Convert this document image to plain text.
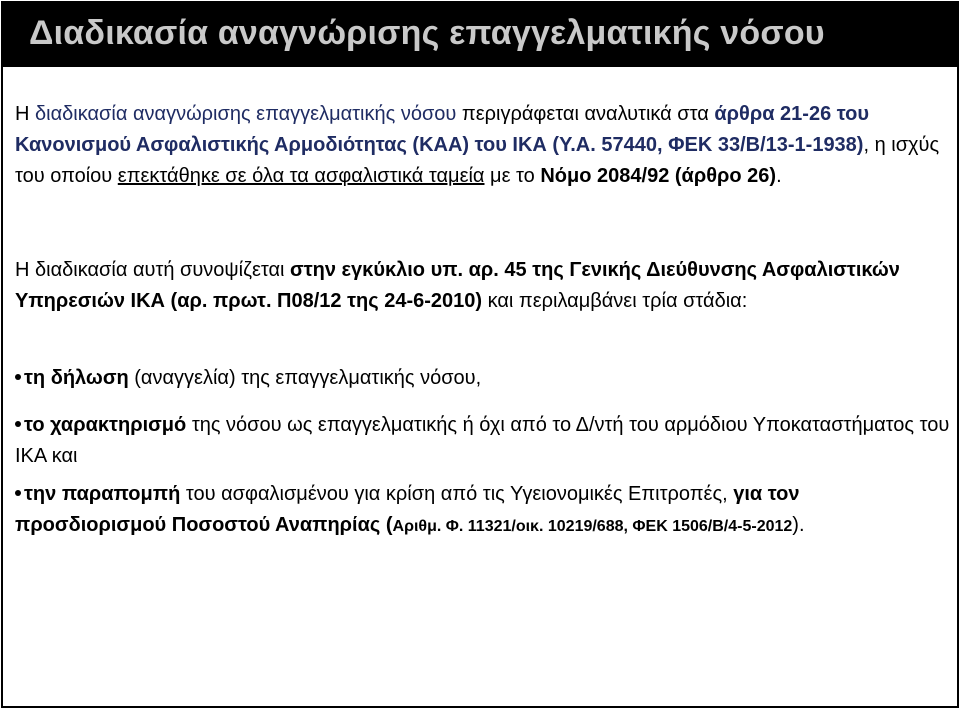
Διαδικασία αναγνώρισης επαγγελματικής νόσου

Η διαδικασία αναγνώρισης επαγγελματικής νόσου περιγράφεται αναλυτικά στα άρθρα 21-26 του Κανονισμού Ασφαλιστικής Αρμοδιότητας (ΚΑΑ) του ΙΚΑ (Υ.Α. 57440, ΦΕΚ 33/Β/13-1-1938), η ισχύς του οποίου επεκτάθηκε σε όλα τα ασφαλιστικά ταμεία με το Νόμο 2084/92 (άρθρο 26).

Η διαδικασία αυτή συνοψίζεται στην εγκύκλιο υπ. αρ. 45 της Γενικής Διεύθυνσης Ασφαλιστικών Υπηρεσιών ΙΚΑ (αρ. πρωτ. Π08/12 της 24-6-2010) και περιλαμβάνει τρία στάδια:

τη δήλωση (αναγγελία) της επαγγελματικής νόσου,
το χαρακτηρισμό της νόσου ως επαγγελματικής ή όχι από το Δ/ντή του αρμόδιου Υποκαταστήματος του ΙΚΑ και
την παραπομπή του ασφαλισμένου για κρίση από τις Υγειονομικές Επιτροπές, για τον προσδιορισμού Ποσοστού Αναπηρίας (Αριθμ. Φ. 11321/οικ. 10219/688, ΦΕΚ 1506/Β/4-5-2012).
